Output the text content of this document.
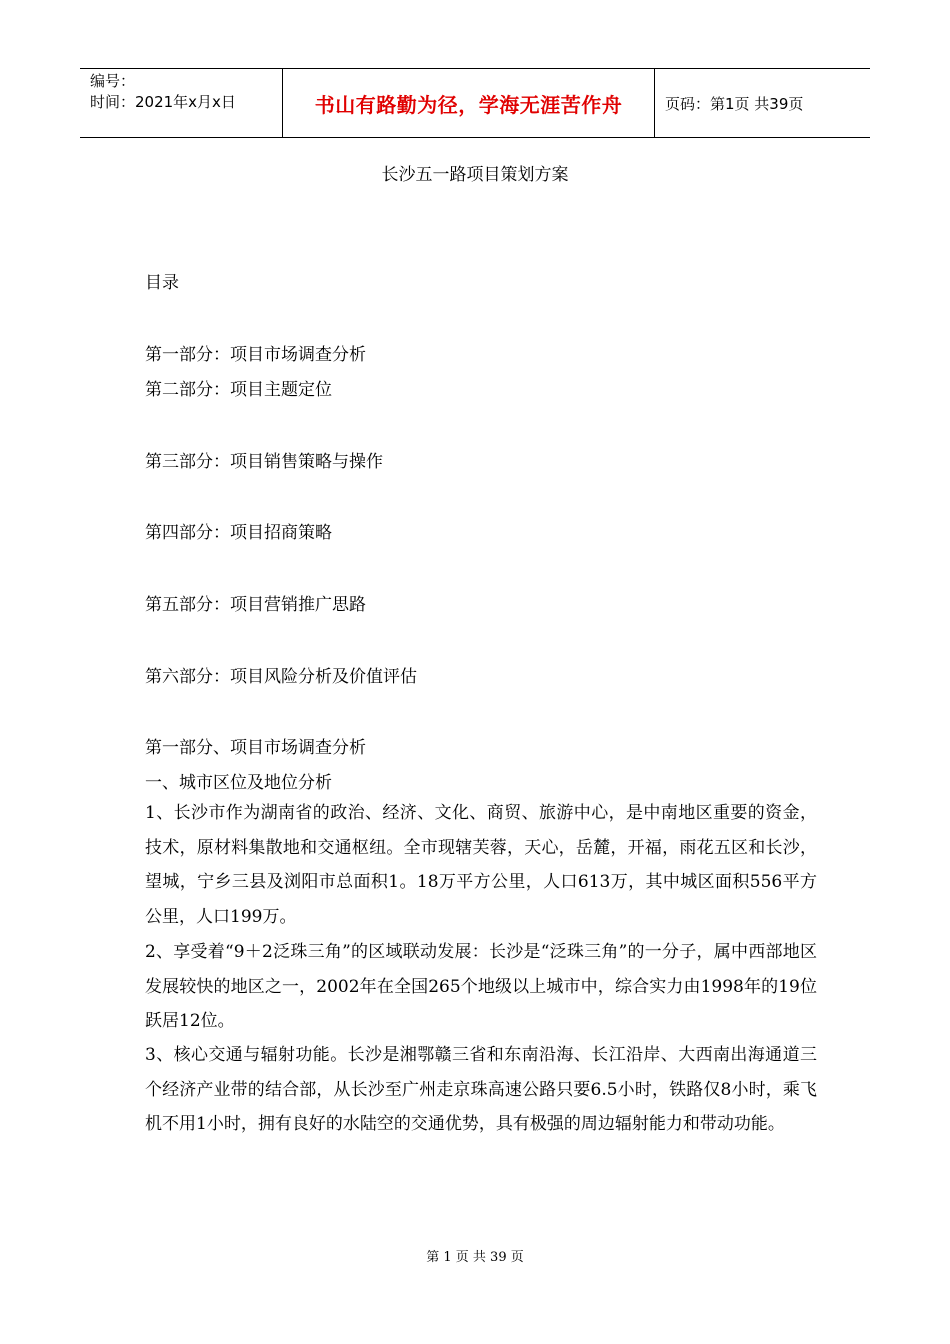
编号：
时间：2021年x月x日	书山有路勤为径，学海无涯苦作舟	页码：第1页 共39页
长沙五一路项目策划方案
目录
第一部分：项目市场调查分析
第二部分：项目主题定位
第三部分：项目销售策略与操作
第四部分：项目招商策略
第五部分：项目营销推广思路
第六部分：项目风险分析及价值评估
第一部分、项目市场调查分析
一、城市区位及地位分析
1、长沙市作为湖南省的政治、经济、文化、商贸、旅游中心，是中南地区重要的资金，技术，原材料集散地和交通枢纽。全市现辖芙蓉，天心，岳麓，开福，雨花五区和长沙，望城，宁乡三县及浏阳市总面积1。18万平方公里，人口613万，其中城区面积556平方公里，人口199万。
2、享受着“9＋2泛珠三角”的区域联动发展：长沙是“泛珠三角”的一分子，属中西部地区发展较快的地区之一，2002年在全国265个地级以上城市中，综合实力由1998年的19位跃居12位。
3、核心交通与辐射功能。长沙是湘鄂赣三省和东南沿海、长江沿岸、大西南出海通道三个经济产业带的结合部，从长沙至广州走京珠高速公路只要6.5小时，铁路仅8小时，乘飞机不用1小时，拥有良好的水陆空的交通优势，具有极强的周边辐射能力和带动功能。
第 1 页 共 39 页
